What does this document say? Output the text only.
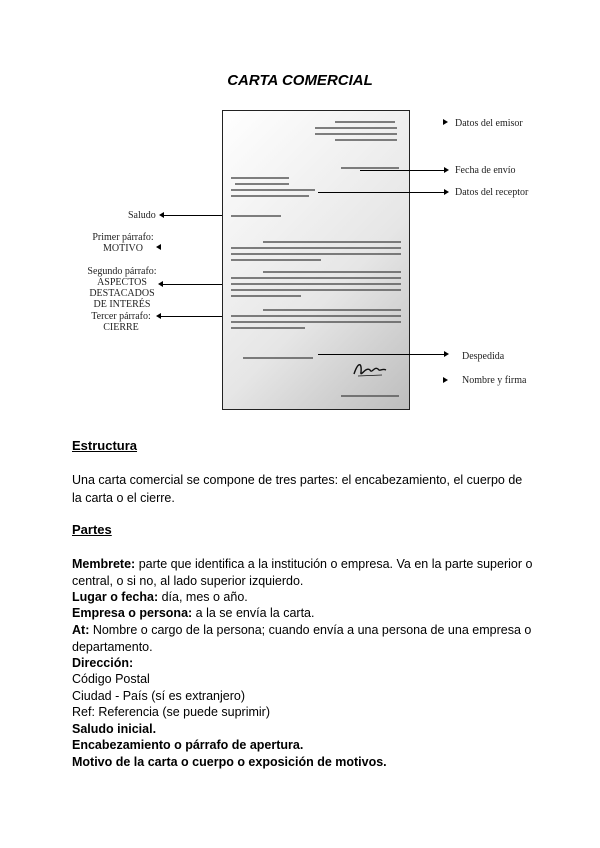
CARTA COMERCIAL
Datos del emisor
Fecha de envío
Datos del receptor
Despedida
Nombre y firma
Saludo
Primer párrafo:
MOTIVO
Segundo párrafo:
ASPECTOS
DESTACADOS
DE INTERÉS
Tercer párrafo:
CIERRE
Estructura
Una carta comercial se compone de tres partes: el encabezamiento, el cuerpo de la carta o el cierre.
Partes
Membrete: parte que identifica a la institución o empresa. Va en la parte superior o central, o si no, al lado superior izquierdo.
Lugar o fecha: día, mes o año.
Empresa o persona: a la se envía la carta.
At: Nombre o cargo de la persona; cuando envía a una persona de una empresa o departamento.
Dirección:
Código Postal
Ciudad - País (sí es extranjero)
Ref: Referencia (se puede suprimir)
Saludo inicial.
Encabezamiento o párrafo de apertura.
Motivo de la carta o cuerpo o exposición de motivos.
